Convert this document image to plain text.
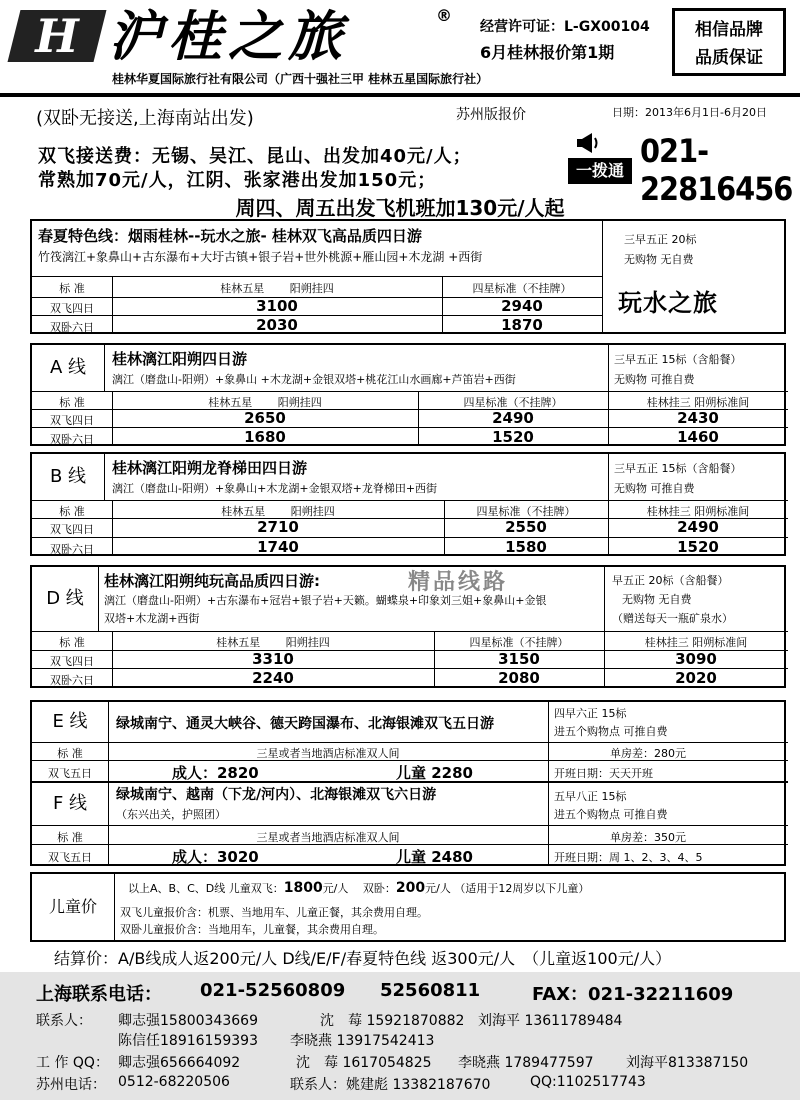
H 沪桂之旅	®
经营许可证：L-GX00104
6月桂林报价第1期
桂林华夏国际旅行社有限公司（广西十强社三甲 桂林五星国际旅行社）
相信品牌
品质保证
(双卧无接送,上海南站出发)	苏州版报价	日期：2013年6月1日-6月20日
双飞接送费：无锡、吴江、昆山、出发加40元/人；
常熟加70元/人，江阴、张家港出发加150元；	一拨通
021-22816456
周四、周五出发飞机班加130元/人起
春夏特色线：烟雨桂林--玩水之旅- 桂林双飞高品质四日游
竹筏漓江+象鼻山+古东瀑布+大圩古镇+银子岩+世外桃源+雁山园+木龙湖 +西街
三早五正 20标
无购物 无自费
玩水之旅
标 准	桂林五星　　 阳朔挂四	四星标准（不挂牌）
双飞四日	3100	2940
双卧六日	2030	1870
A 线	桂林漓江阳朔四日游
漓江（磨盘山-阳朔）+象鼻山 +木龙湖+金银双塔+桃花江山水画廊+芦笛岩+西街
三早五正 15标（含船餐）
无购物 可推自费
标 准	桂林五星　　 阳朔挂四	四星标准（不挂牌）	桂林挂三 阳朔标准间
双飞四日	2650	2490	2430
双卧六日	1680	1520	1460
B 线	桂林漓江阳朔龙脊梯田四日游
漓江（磨盘山-阳朔）+象鼻山+木龙湖+金银双塔+龙脊梯田+西街
三早五正 15标（含船餐）
无购物 可推自费
标 准	桂林五星　　 阳朔挂四	四星标准（不挂牌）	桂林挂三 阳朔标准间
双飞四日	2710	2550	2490
双卧六日	1740	1580	1520
D 线
桂林漓江阳朔纯玩高品质四日游:	精品线路
漓江（磨盘山-阳朔）+古东瀑布+冠岩+银子岩+天籁。蝴蝶泉+印象刘三姐+象鼻山+金银
双塔+木龙湖+西街
早五正 20标（含船餐）
无购物 无自费
（赠送每天一瓶矿泉水）
标 准	桂林五星　　 阳朔挂四	四星标准（不挂牌）	桂林挂三 阳朔标准间
双飞四日	3310	3150	3090
双卧六日	2240	2080	2020
E 线	绿城南宁、通灵大峡谷、德天跨国瀑布、北海银滩双飞五日游
四早六正 15标
进五个购物点 可推自费
标 准	三星或者当地酒店标准双人间	单房差：280元
双飞五日	成人：2820	儿童 2280	开班日期：天天开班
F 线	绿城南宁、越南（下龙/河内）、北海银滩双飞六日游
（东兴出关，护照团）
五早八正 15标
进五个购物点 可推自费
标 准	三星或者当地酒店标准双人间	单房差：350元
双飞五日	成人：3020	儿童 2480	开班日期：周 1、2、3、4、5
儿童价
以上A、B、C、D线 儿童双飞：1800元/人　 双卧：200元/人 （适用于12周岁以下儿童）
双飞儿童报价含：机票、当地用车、儿童正餐，其余费用自理。
双卧儿童报价含：当地用车，儿童餐，其余费用自理。
结算价：A/B线成人返200元/人 D线/E/F/春夏特色线 返300元/人　（儿童返100元/人）
上海联系电话： 021-52560809 52560811	FAX：021-32211609
联系人： 卿志强15800343669	沈　莓 15921870882 刘海平 13611789484
陈信任18916159393 李晓燕 13917542413
工 作 QQ： 卿志强656664092	沈　莓 1617054825 李晓燕 1789477597 刘海平813387150
苏州电话： 0512-68220506	联系人：姚建彪 13382187670	QQ:1102517743
